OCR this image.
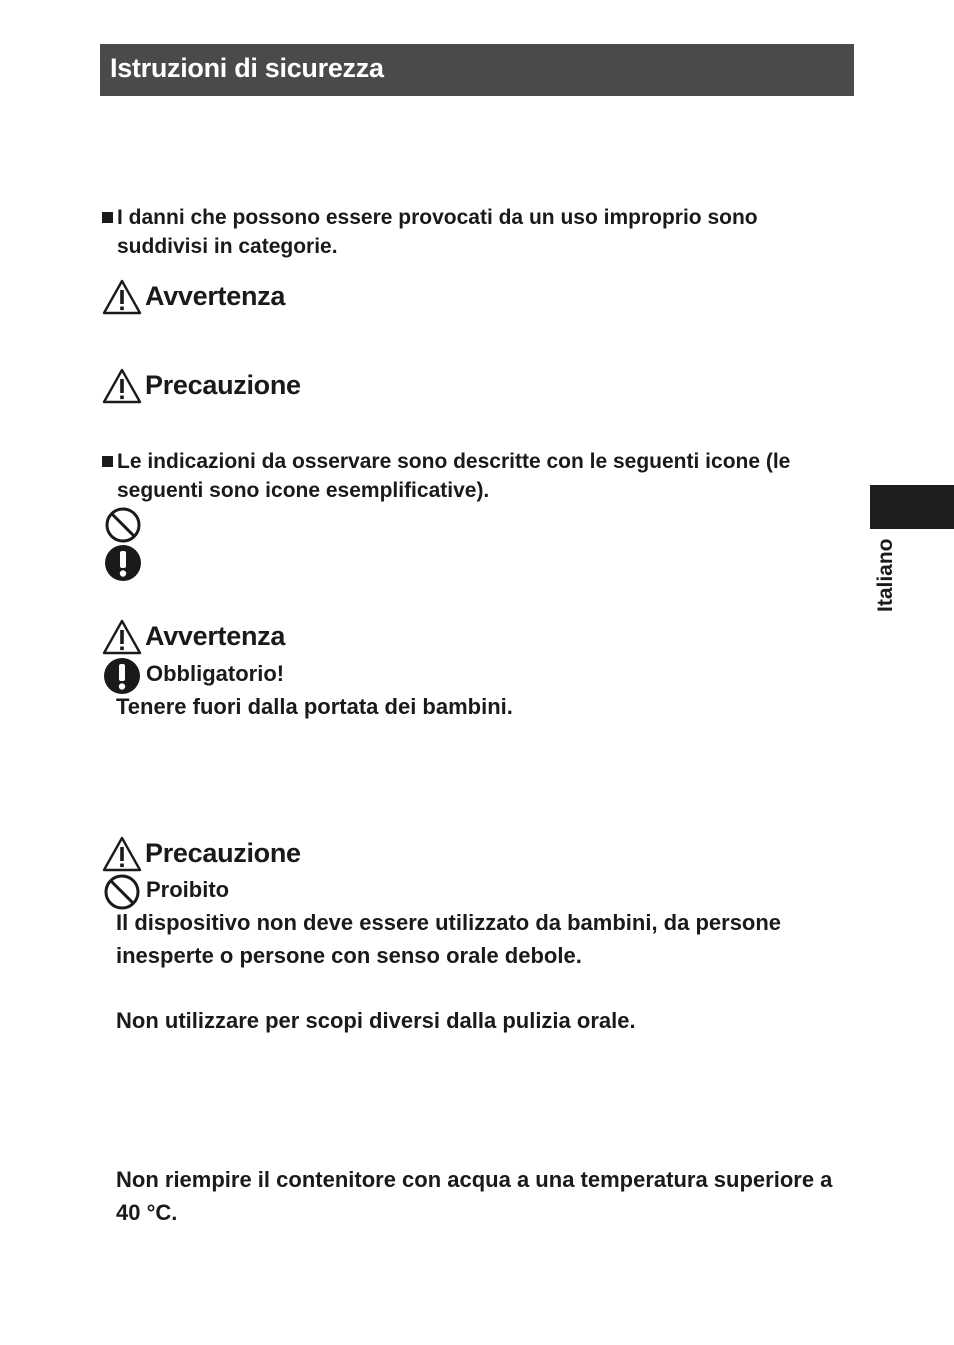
Istruzioni di sicurezza
I danni che possono essere provocati da un uso improprio sono suddivisi in categorie.
Avvertenza
Precauzione
Le indicazioni da osservare sono descritte con le seguenti icone (le seguenti sono icone esemplificative).
Avvertenza
Obbligatorio!
Tenere fuori dalla portata dei bambini.
Precauzione
Proibito
Il dispositivo non deve essere utilizzato da bambini, da persone inesperte o persone con senso orale debole.
Non utilizzare per scopi diversi dalla pulizia orale.
Non riempire il contenitore con acqua a una temperatura superiore a 40 °C.
Italiano
